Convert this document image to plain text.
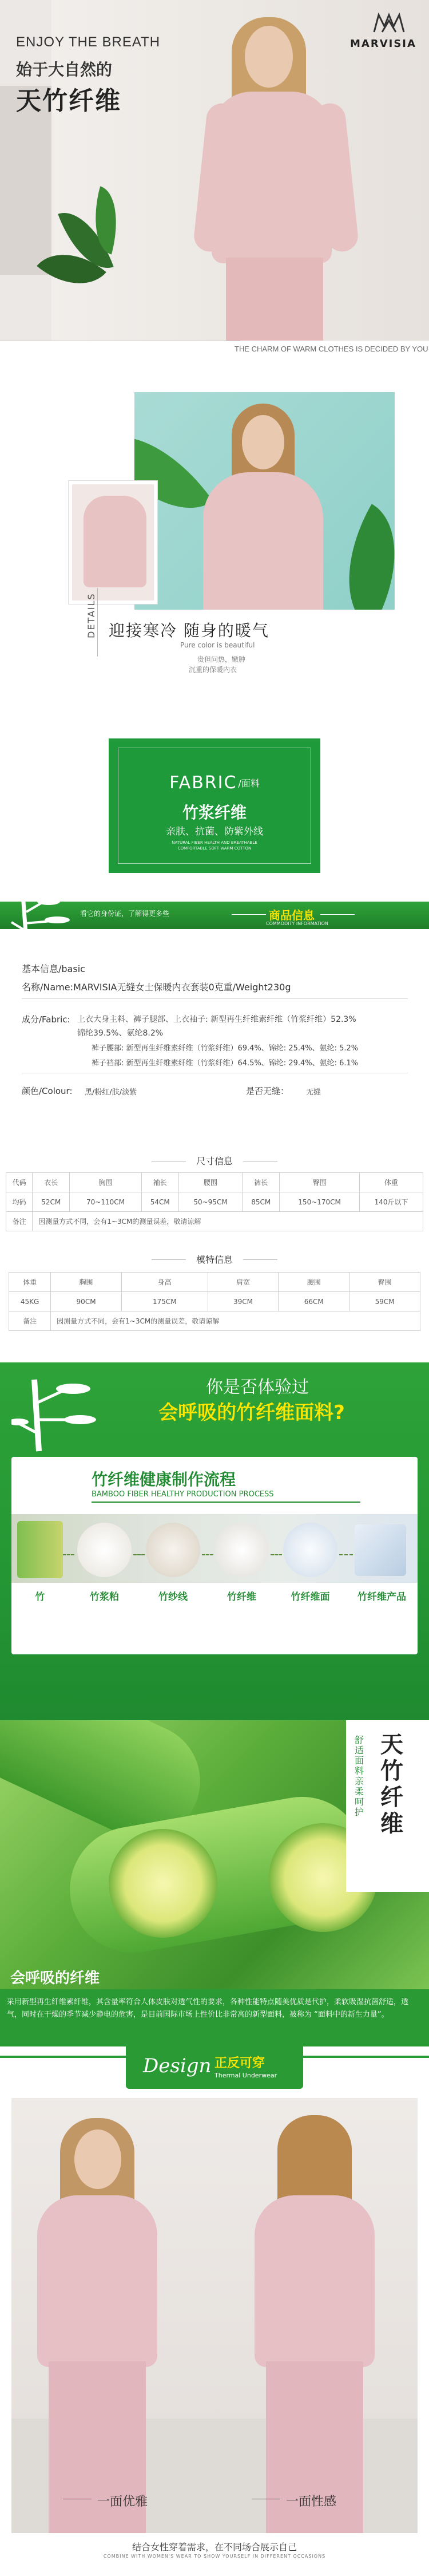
ENJOY THE BREATH
始于大自然的
天竹纤维
MARVISIA
THE CHARM OF WARM CLOTHES IS DECIDED BY YOU
DETAILS 迎接寒冷 随身的暖气
Pure color is beautiful
贵但问热，嫩肿
沉重的保暖内衣
FABRIC /面料
竹浆纤维
亲肤、抗菌、防紫外线
NATURAL FIBER HEALTH AND BREATHABLE
COMFORTABLE SOFT WARM COTTON
看它的身份证，了解得更多些	商品信息
COMMODITY INFORMATION
基本信息/basic
名称/Name:MARVISIA无缝女士保暖内衣套装0克重/Weight230g
成分/Fabric: 上衣大身主料、裤子腿部、上衣袖子: 新型再生纤维素纤维（竹浆纤维）52.3%
锦纶39.5%、氨纶8.2%
裤子腰部: 新型再生纤维素纤维（竹浆纤维）69.4%、锦纶: 25.4%、氨纶: 5.2%
裤子裆部: 新型再生纤维素纤维（竹浆纤维）64.5%、锦纶: 29.4%、氨纶: 6.1%
颜色/Colour: 黑/粉红/肤/淡紫	是否无缝： 无缝
尺寸信息
代码	衣长	胸围	袖长	腰围	裤长	臀围	体重
均码	52CM	70~110CM	54CM	50~95CM	85CM	150~170CM	140斤以下
备注	因测量方式不同，会有1~3CM的测量误差，敬请谅解						
模特信息
体重	胸围	身高	肩宽	腰围	臀围
45KG	90CM	175CM	39CM	66CM	59CM
备注	因测量方式不同，会有1~3CM的测量误差，敬请谅解				
你是否体验过
会呼吸的竹纤维面料?
竹纤维健康制作流程
BAMBOO FIBER HEALTHY PRODUCTION PROCESS
竹	竹浆粕	竹纱线	竹纤维	竹纤维面	竹纤维产品
会呼吸的纤维
天竹纤维
舒适面料 亲柔呵护
采用新型再生纤维素纤维，其含量率符合人体皮肤对透气性的要求，各种性能特点随美优质是代护，柔软吸湿抗菌舒适，透气，同时在干燥的季节减少静电的危害，是目前国际市场上性价比非常高的新型面料，被称为 “面料中的新生力量”。
Design 正反可穿
Thermal Underwear
一面优雅	一面性感
结合女性穿着需求，在不同场合展示自己
COMBINE WITH WOMEN'S WEAR TO SHOW YOURSELF IN DIFFERENT OCCASIONS
